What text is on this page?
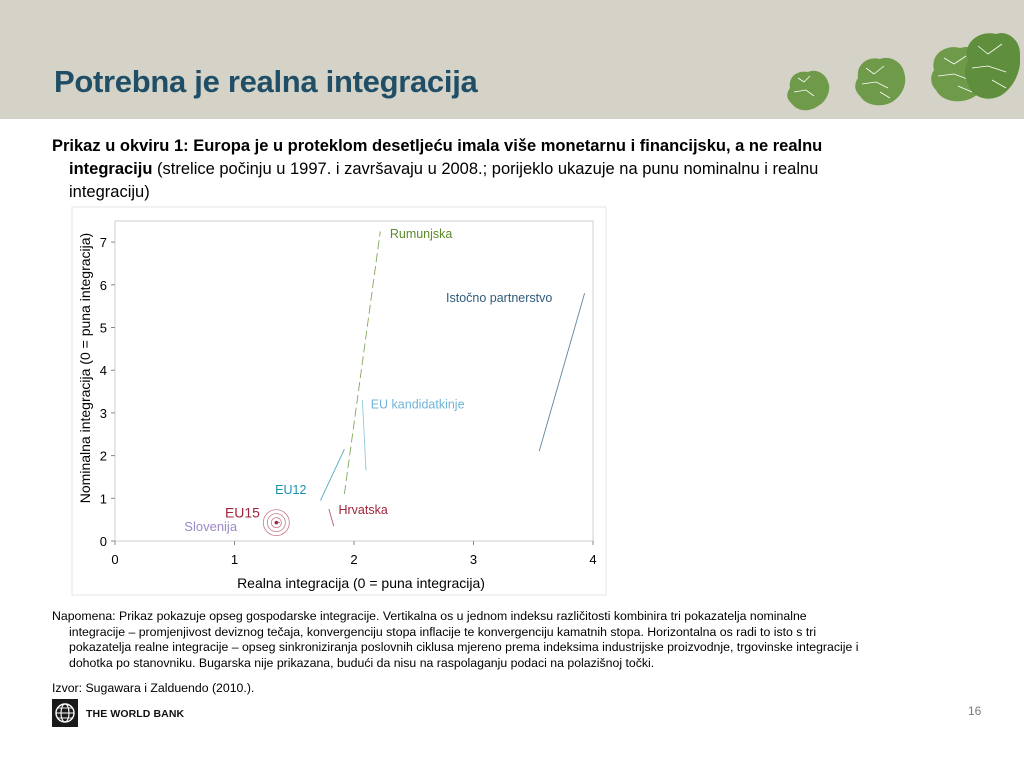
Potrebna je realna integracija
Prikaz u okviru 1: Europa je u proteklom desetljeću imala više monetarnu i financijsku, a ne realnu
integraciju (strelice počinju u 1997. i završavaju u 2008.; porijeklo ukazuje na punu nominalnu i realnu
integraciju)
0	1	2	3	4
0
1
2
3
4
5
6
7
Rumunjska
Istočno partnerstvo
EU kandidatkinje
EU12
Hrvatska
EU15
Slovenija
Realna integracija (0 = puna integracija)
Nominalna integracija (0 = puna integracija)
Napomena: Prikaz pokazuje opseg gospodarske integracije. Vertikalna os u jednom indeksu različitosti kombinira tri pokazatelja nominalne
integracije – promjenjivost deviznog tečaja, konvergenciju stopa inflacije te konvergenciju kamatnih stopa. Horizontalna os radi to isto s tri
pokazatelja realne integracije – opseg sinkroniziranja poslovnih ciklusa mjereno prema indeksima industrijske proizvodnje, trgovinske integracije i
dohotka po stanovniku. Bugarska nije prikazana, budući da nisu na raspolaganju podaci na polazišnoj točki.
Izvor: Sugawara i Zalduendo (2010.).
THE WORLD BANK	16
